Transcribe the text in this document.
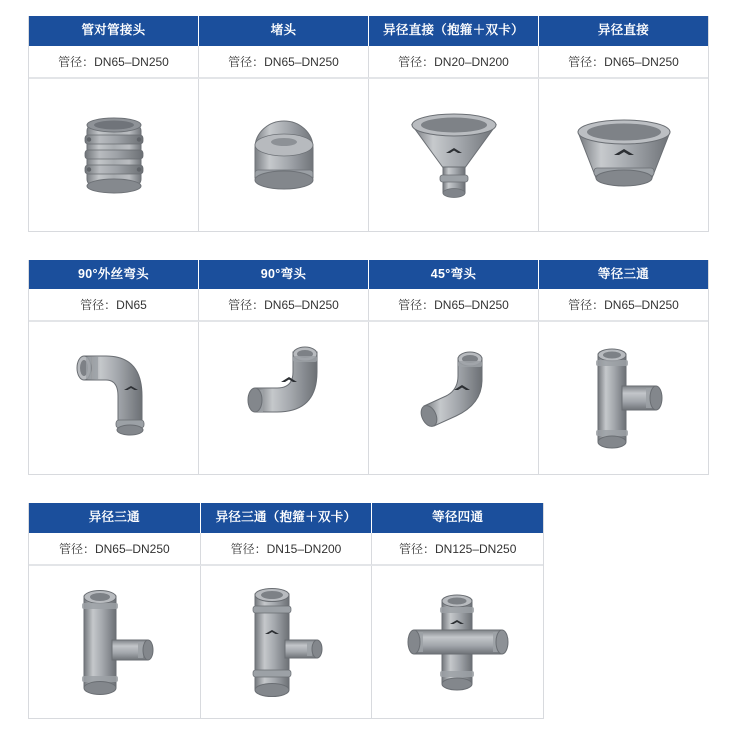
管对管接头	堵头	异径直接（抱箍＋双卡）	异径直接
管径：DN65–DN250	管径：DN65–DN250	管径：DN20–DN200	管径：DN65–DN250
90°外丝弯头	90°弯头	45°弯头	等径三通
管径：DN65	管径：DN65–DN250	管径：DN65–DN250	管径：DN65–DN250
异径三通	异径三通（抱箍＋双卡）	等径四通
管径：DN65–DN250	管径：DN15–DN200	管径：DN125–DN250
